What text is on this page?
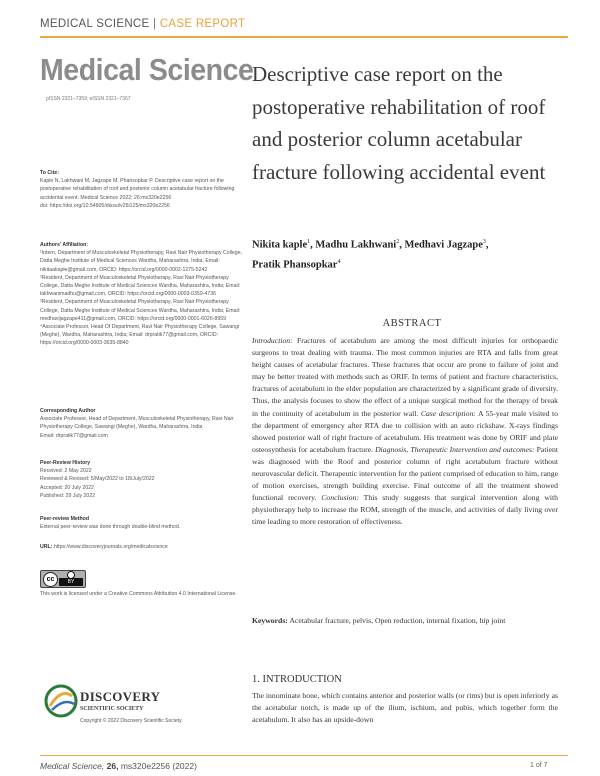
MEDICAL SCIENCE | CASE REPORT
Medical Science
pISSN 2321–7359; eISSN 2321–7367
Descriptive case report on the postoperative rehabilitation of roof and posterior column acetabular fracture following accidental event
Nikita kaple$^1$, Madhu Lakhwani$^2$, Medhavi Jagzape$^3$,
Pratik Phansopkar$^4$

To Cite:

Kaple N, Lakhwani M, Jagzape M, Phansopkar P. Descriptive case report on the postoperative rehabilitation of roof and posterior column acetabular fracture following accidental event. Medical Science 2022; 26:ms320e2256

doi: https://doi.org/10.54905/disssi/v26i125/ms320e2256

Authors' Affiliation:

¹Intern, Department of Musculoskeletal Physiotherapy, Ravi Nair Physiotherapy College, Datta Meghe Institute of Medical Sciences Wardha, Maharashtra, India; Email: nikitaakaple@gmail.com, ORCID: https://orcid.org/0000-0002-1275-5242

²Resident, Department of Musculoskeletal Physiotherapy, Ravi Nair Physiotherapy College, Datta Meghe Institute of Medical Sciences Wardha, Maharashtra, India; Email: lakhwanimadhu@gmail.com, ORCID: https://orcid.org/0000-0003-0359-4736

³Resident, Department of Musculoskeletal Physiotherapy, Ravi Nair Physiotherapy College, Datta Meghe Institute of Medical Sciences Wardha, Maharashtra, India; Email: medhavijagzape411@gmail.com, ORCID: https://orcid.org/0000-0001-6026-8959

⁴Associate Professor, Head Of Department, Ravi Nair Physiotherapy College, Sawangi (Meghe), Wardha, Maharashtra, India; Email: drpratik77@gmail.com, ORCID: https://orcid.org/0000-0003-3635-8840

Corresponding Author

Associate Professor, Head of Department, Musculoskeletal Physiotherapy, Ravi Nair Physiotherapy College, Sawangi (Meghe), Wardha, Maharashtra, India

Email: drpratik77@gmail.com

Peer-Review History

Received: 2 May 2022

Reviewed & Revised: 5/May/2022 to 18/July/2022

Accepted: 20 July 2022

Published: 29 July 2022

Peer-review Method

External peer-review was done through double-blind method.

URL: https://www.discoveryjournals.org/medicalscience

cc	BY

This work is licensed under a Creative Commons Attribution 4.0 International License.

ABSTRACT
Introduction: Fractures of acetabulum are among the most difficult injuries for orthopaedic surgeons to treat dealing with trauma. The most common injuries are RTA and falls from great height causes of acetabular fractures. These fractures that occur are prone to failure of joint and may be better treated with methods such as ORIF. In terms of patient and fracture characteristics, fractures of acetabulum in the elder population are characterized by a significant grade of diversity. Thus, the analysis focuses to show the effect of a unique surgical method for the therapy of break in the continuity of acetabulum in the posterior wall. Case description: A 55-year male visited to the department of emergency after RTA due to collision with an auto rickshaw. X-rays findings showed posterior wall of right fracture of acetabulum. His treatment was done by ORIF and plate osteosynthesis for acetabulum fracture. Diagnosis, Therapeutic Intervention and outcomes: Patient was diagnosed with the Roof and posterior column of right acetabulum fracture without neurovascular deficit. Therapeutic intervention for the patient comprised of education to him, range of motion exercises, strength building exercise. Final outcome of all the treatment showed functional recovery. Conclusion: This study suggests that surgical intervention along with physiotherapy help to increase the ROM, strength of the muscle, and activities of daily living over time leading to more restoration of effectiveness.
Keywords: Acetabular fracture, pelvis, Open reduction, internal fixation, hip joint
1. INTRODUCTION
The innominate bone, which contains anterior and posterior walls (or rims) but is open inferiorly as the acetabular notch, is made up of the ilium, ischium, and pubis, which together form the acetabulum. It also has an upside-down
DISCOVERY
SCIENTIFIC SOCIETY
Copyright © 2022 Discovery Scientific Society.
Medical Science, 26, ms320e2256 (2022)	1 of 7
